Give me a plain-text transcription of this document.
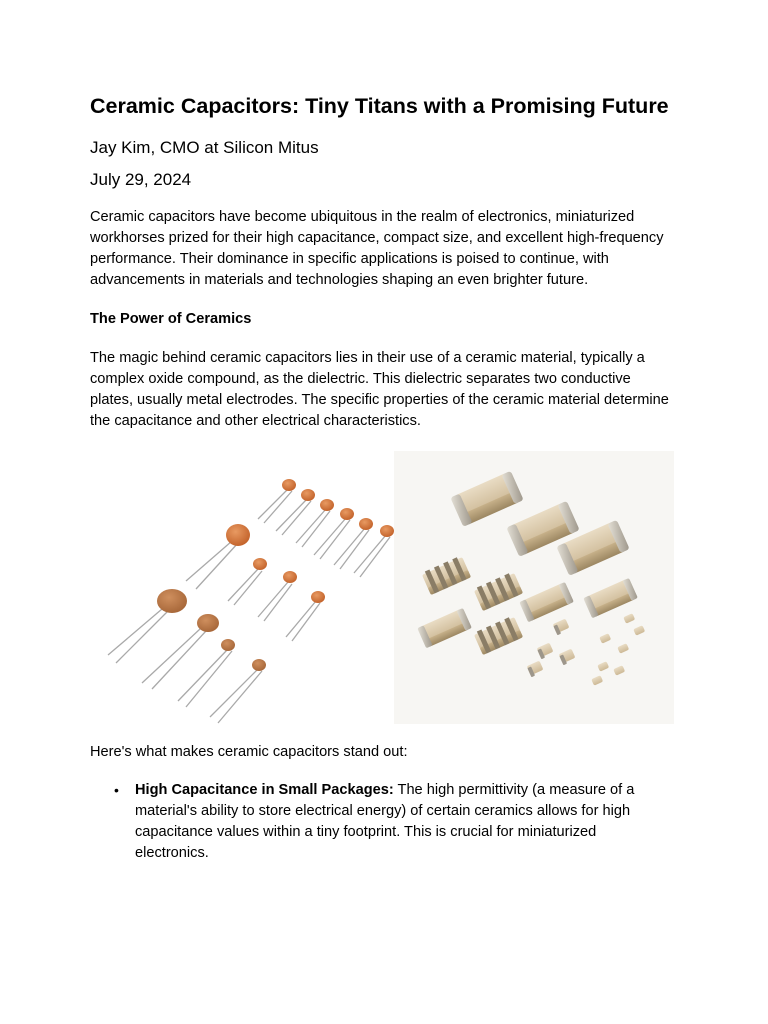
Ceramic Capacitors: Tiny Titans with a Promising Future
Jay Kim, CMO at Silicon Mitus
July 29, 2024

Ceramic capacitors have become ubiquitous in the realm of electronics, miniaturized workhorses prized for their high capacitance, compact size, and excellent high-frequency performance. Their dominance in specific applications is poised to continue, with advancements in materials and technologies shaping an even brighter future.

The Power of Ceramics

The magic behind ceramic capacitors lies in their use of a ceramic material, typically a complex oxide compound, as the dielectric. This dielectric separates two conductive plates, usually metal electrodes. The specific properties of the ceramic material determine the capacitance and other electrical characteristics.

Here's what makes ceramic capacitors stand out:

• High Capacitance in Small Packages: The high permittivity (a measure of a material's ability to store electrical energy) of certain ceramics allows for high capacitance values within a tiny footprint. This is crucial for miniaturized electronics.
